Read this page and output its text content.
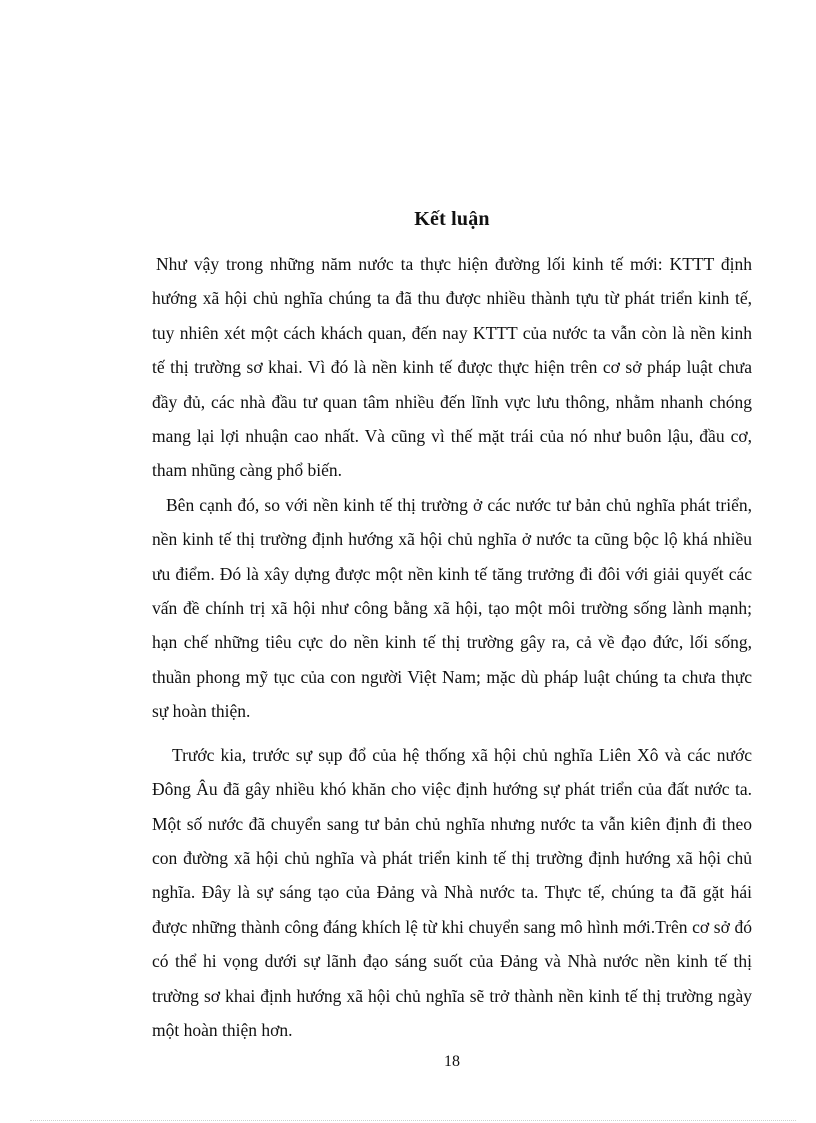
Kết luận

Như vậy trong những năm nước ta thực hiện đường lối kinh tế mới: KTTT định hướng xã hội chủ nghĩa chúng ta đã thu được nhiều thành tựu từ phát triển kinh tế, tuy nhiên xét một cách khách quan, đến nay KTTT của nước ta vẫn còn là nền kinh tế thị trường sơ khai. Vì đó là nền kinh tế được thực hiện trên cơ sở pháp luật chưa đầy đủ, các nhà đầu tư quan tâm nhiều đến lĩnh vực lưu thông, nhằm nhanh chóng mang lại lợi nhuận cao nhất. Và cũng vì thế mặt trái của nó như buôn lậu, đầu cơ, tham nhũng càng phổ biến.

Bên cạnh đó, so với nền kinh tế thị trường ở các nước tư bản chủ nghĩa phát triển, nền kinh tế thị trường định hướng xã hội chủ nghĩa ở nước ta cũng bộc lộ khá nhiều ưu điểm. Đó là xây dựng được một nền kinh tế tăng trưởng đi đôi với giải quyết các vấn đề chính trị xã hội như công bằng xã hội, tạo một môi trường sống lành mạnh; hạn chế những tiêu cực do nền kinh tế thị trường gây ra, cả về đạo đức, lối sống, thuần phong mỹ tục của con người Việt Nam; mặc dù pháp luật chúng ta chưa thực sự hoàn thiện.

Trước kia, trước sự sụp đổ của hệ thống xã hội chủ nghĩa Liên Xô và các nước Đông Âu đã gây nhiều khó khăn cho việc định hướng sự phát triển của đất nước ta. Một số nước đã chuyển sang tư bản chủ nghĩa nhưng nước ta vẫn kiên định đi theo con đường xã hội chủ nghĩa và phát triển kinh tế thị trường định hướng xã hội chủ nghĩa. Đây là sự sáng tạo của Đảng và Nhà nước ta. Thực tế, chúng ta đã gặt hái được những thành công đáng khích lệ từ khi chuyển sang mô hình mới.Trên cơ sở đó có thể hi vọng dưới sự lãnh đạo sáng suốt của Đảng và Nhà nước nền kinh tế thị trường sơ khai định hướng xã hội chủ nghĩa sẽ trở thành nền kinh tế thị trường ngày một hoàn thiện hơn.

18
